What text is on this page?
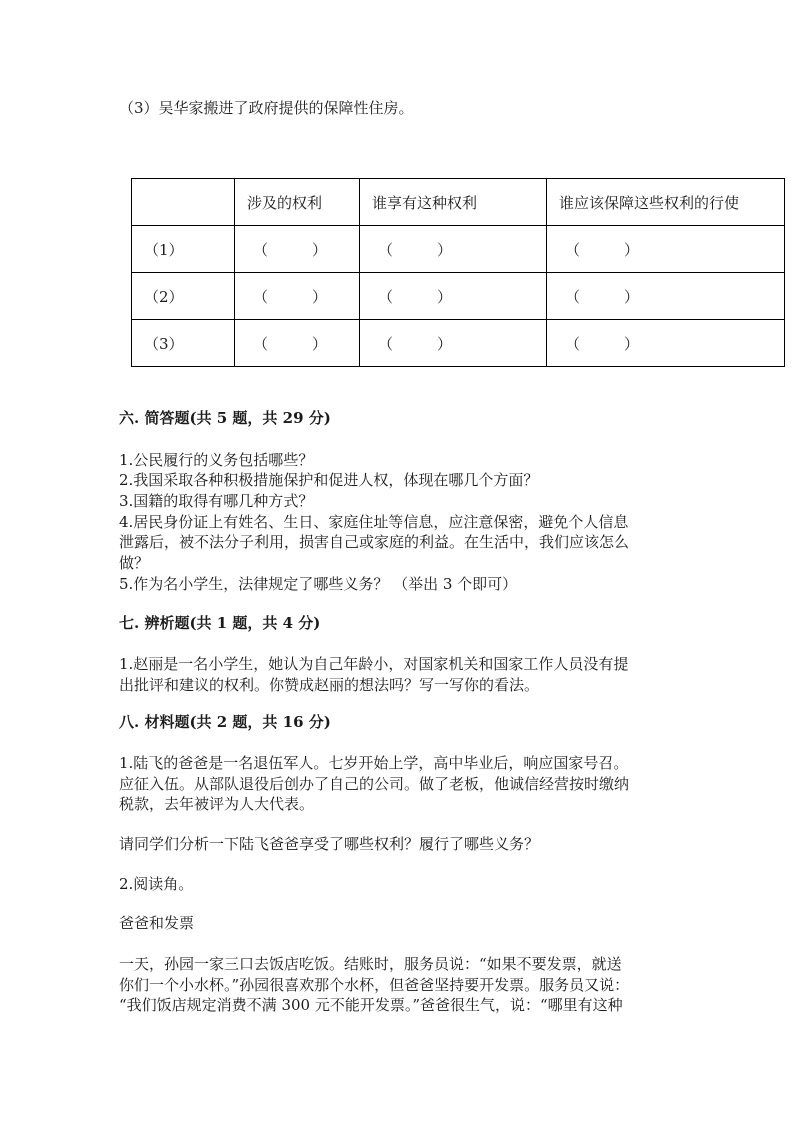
（3）吴华家搬进了政府提供的保障性住房。
	涉及的权利	谁享有这种权利	谁应该保障这些权利的行使
（1）	（ ）	（ ）	（ ）
（2）	（ ）	（ ）	（ ）
（3）	（ ）	（ ）	（ ）
六. 简答题(共 5 题，共 29 分)
1.公民履行的义务包括哪些？
2.我国采取各种积极措施保护和促进人权，体现在哪几个方面？
3.国籍的取得有哪几种方式？
4.居民身份证上有姓名、生日、家庭住址等信息，应注意保密，避免个人信息
泄露后，被不法分子利用，损害自己或家庭的利益。在生活中，我们应该怎么
做？
5.作为名小学生，法律规定了哪些义务？ （举出 3 个即可）
七. 辨析题(共 1 题，共 4 分)
1.赵丽是一名小学生，她认为自己年龄小，对国家机关和国家工作人员没有提
出批评和建议的权利。你赞成赵丽的想法吗？写一写你的看法。
八. 材料题(共 2 题，共 16 分)
1.陆飞的爸爸是一名退伍军人。七岁开始上学，高中毕业后，响应国家号召。
应征入伍。从部队退役后创办了自己的公司。做了老板，他诚信经营按时缴纳
税款，去年被评为人大代表。
请同学们分析一下陆飞爸爸享受了哪些权利？履行了哪些义务？
2.阅读角。
爸爸和发票
一天，孙园一家三口去饭店吃饭。结账时，服务员说：“如果不要发票，就送
你们一个小水杯。”孙园很喜欢那个水杯，但爸爸坚持要开发票。服务员又说：
“我们饭店规定消费不满 300 元不能开发票。”爸爸很生气，说：“哪里有这种
